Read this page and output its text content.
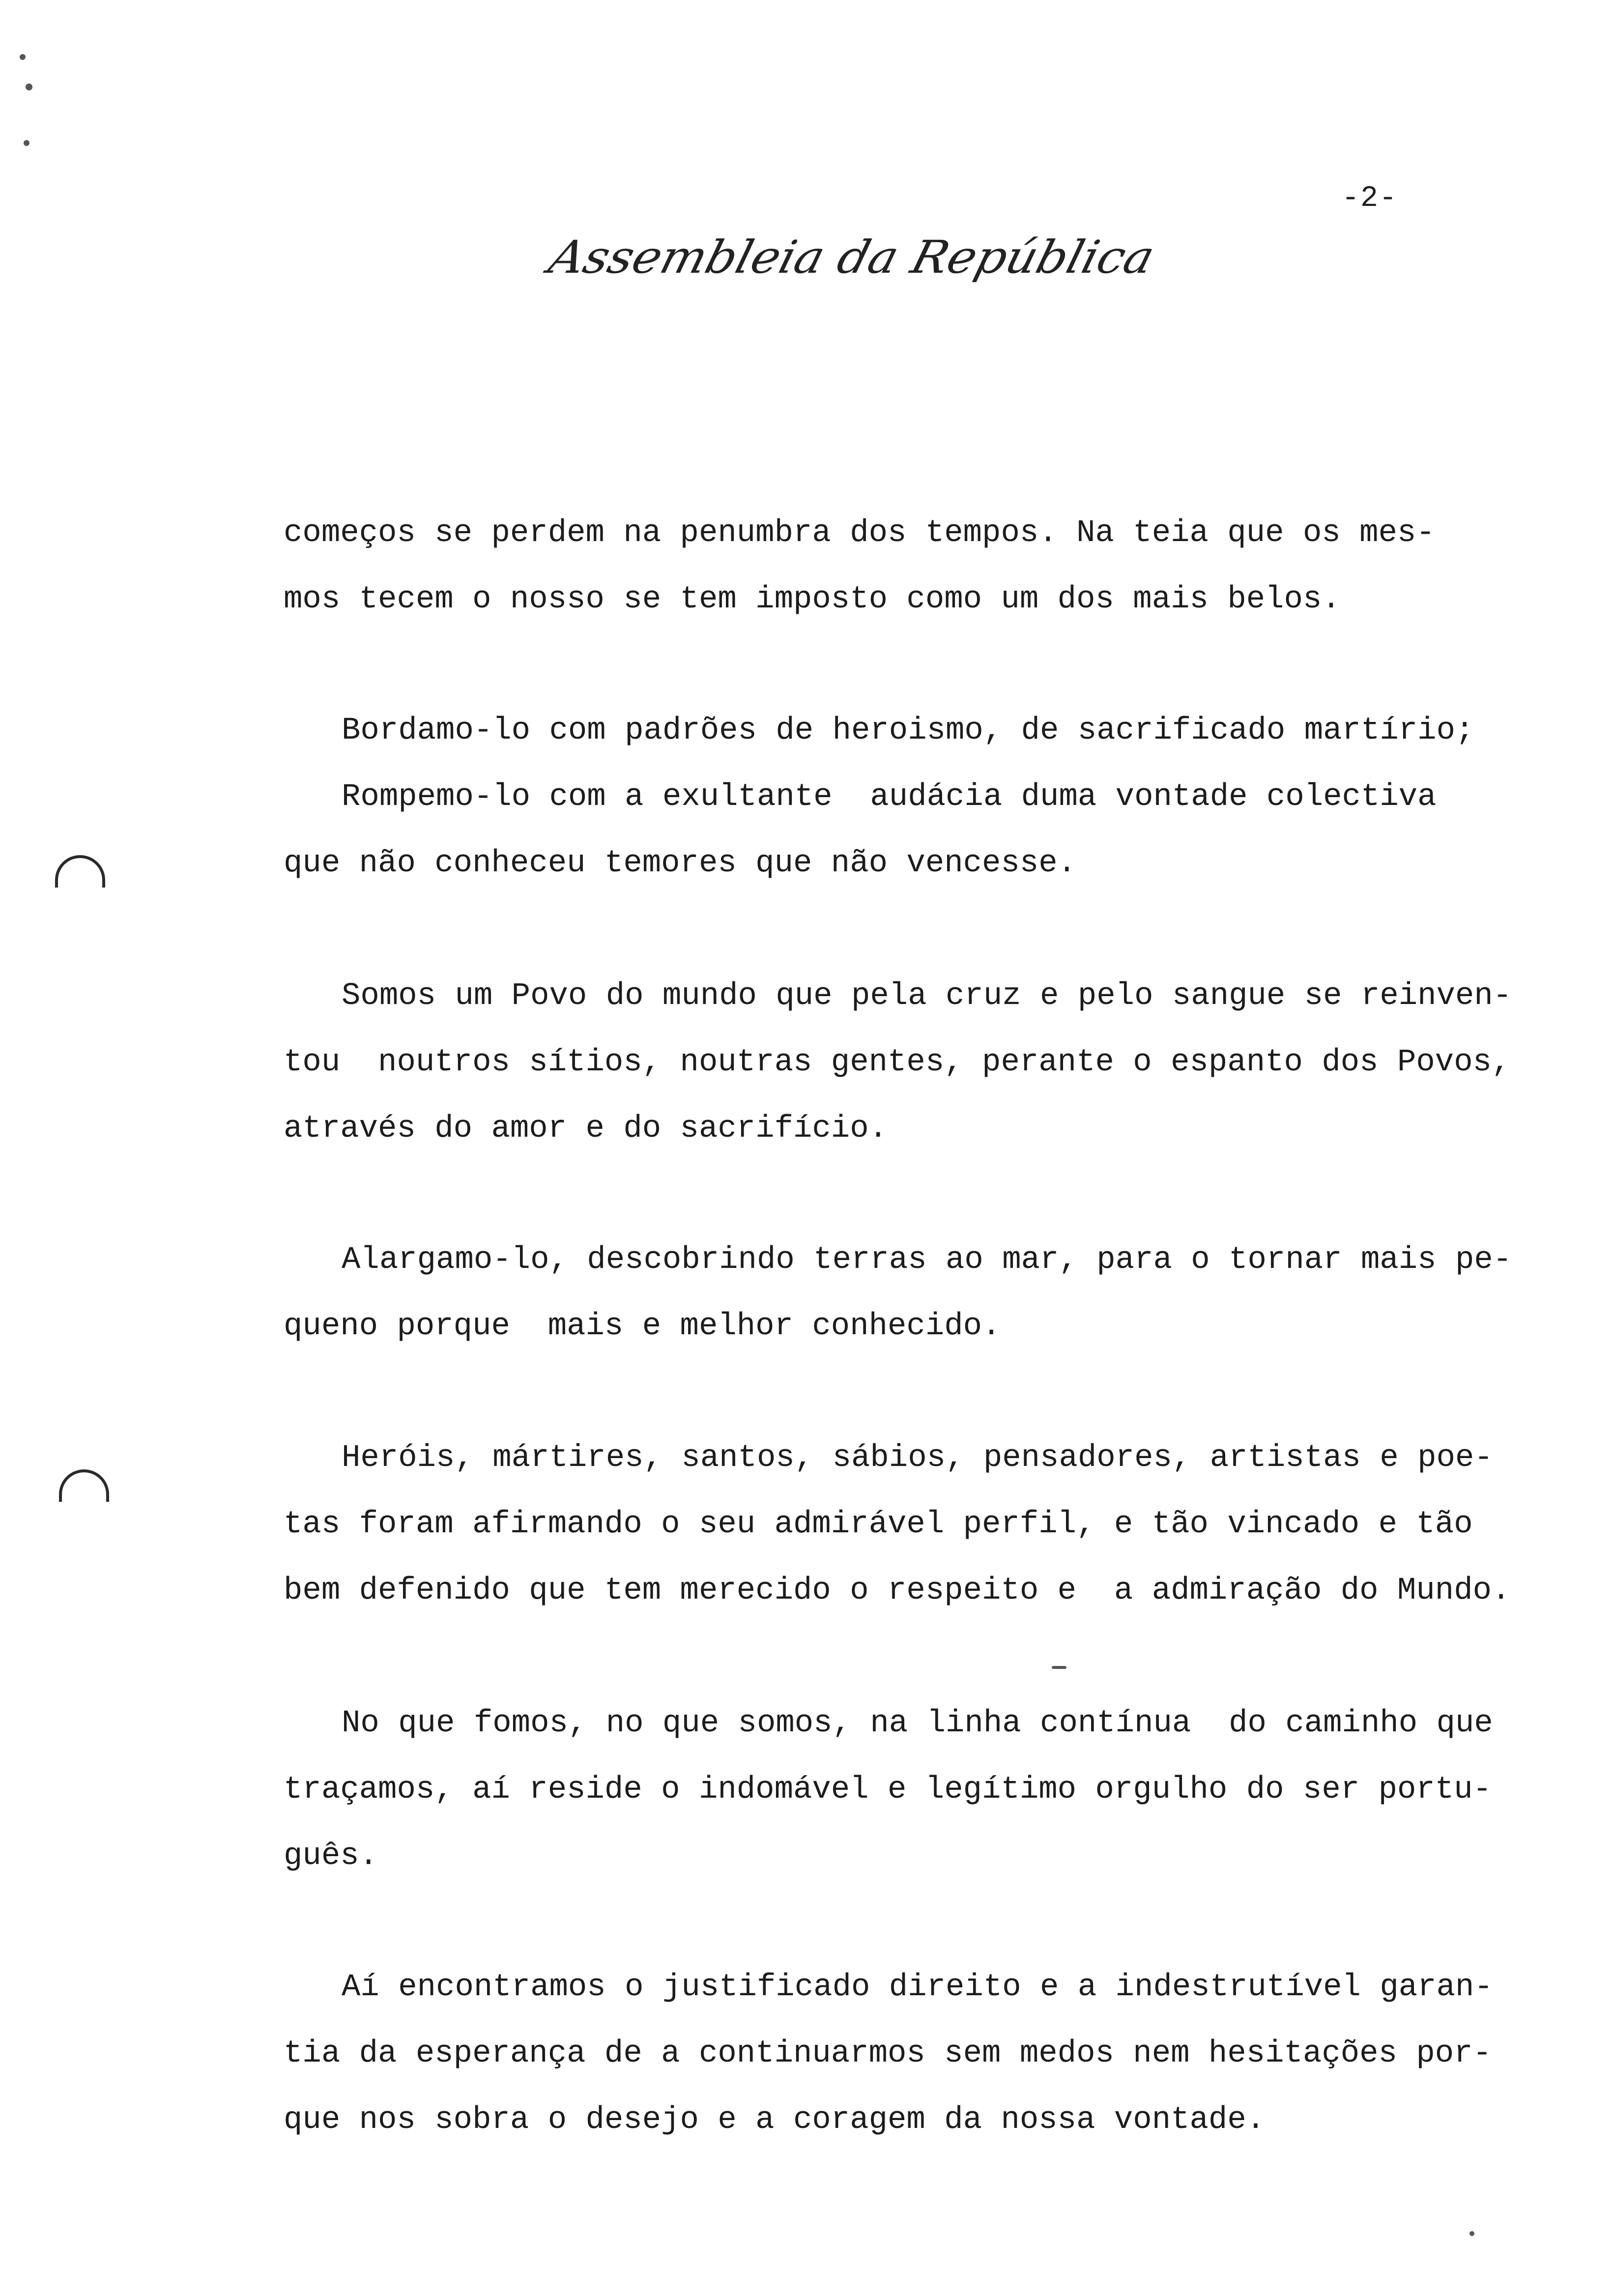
-2-
Assembleia da República
começos se perdem na penumbra dos tempos. Na teia que os mes-
mos tecem o nosso se tem imposto como um dos mais belos.
Bordamo-lo com padrões de heroismo, de sacrificado martírio;
Rompemo-lo com a exultante  audácia duma vontade colectiva
que não conheceu temores que não vencesse.
Somos um Povo do mundo que pela cruz e pelo sangue se reinven-
tou  noutros sítios, noutras gentes, perante o espanto dos Povos,
através do amor e do sacrifício.
Alargamo-lo, descobrindo terras ao mar, para o tornar mais pe-
queno porque  mais e melhor conhecido.
Heróis, mártires, santos, sábios, pensadores, artistas e poe-
tas foram afirmando o seu admirável perfil, e tão vincado e tão
bem defenido que tem merecido o respeito e  a admiração do Mundo.
No que fomos, no que somos, na linha contínua  do caminho que
traçamos, aí reside o indomável e legítimo orgulho do ser portu-
guês.
Aí encontramos o justificado direito e a indestrutível garan-
tia da esperança de a continuarmos sem medos nem hesitações por-
que nos sobra o desejo e a coragem da nossa vontade.
